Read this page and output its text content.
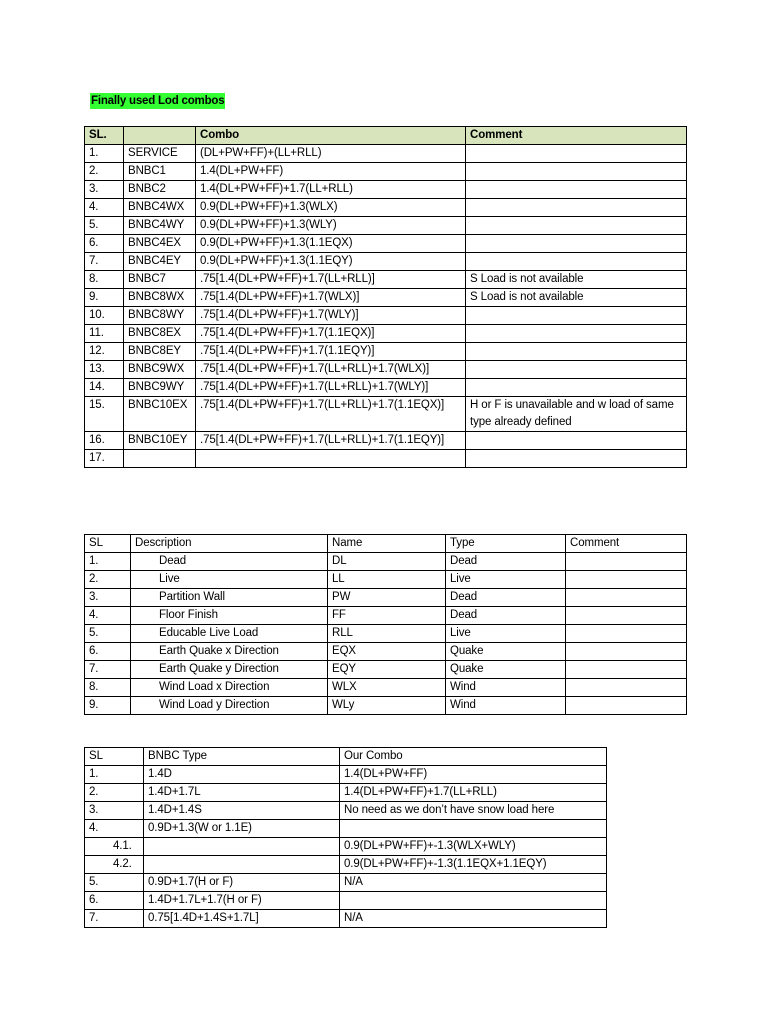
Finally used Lod combos
SL.		Combo	Comment
1.	SERVICE	(DL+PW+FF)+(LL+RLL)	
2.	BNBC1	1.4(DL+PW+FF)	
3.	BNBC2	1.4(DL+PW+FF)+1.7(LL+RLL)	
4.	BNBC4WX	0.9(DL+PW+FF)+1.3(WLX)	
5.	BNBC4WY	0.9(DL+PW+FF)+1.3(WLY)	
6.	BNBC4EX	0.9(DL+PW+FF)+1.3(1.1EQX)	
7.	BNBC4EY	0.9(DL+PW+FF)+1.3(1.1EQY)	
8.	BNBC7	.75[1.4(DL+PW+FF)+1.7(LL+RLL)]	S Load is not available
9.	BNBC8WX	.75[1.4(DL+PW+FF)+1.7(WLX)]	S Load is not available
10.	BNBC8WY	.75[1.4(DL+PW+FF)+1.7(WLY)]	
11.	BNBC8EX	.75[1.4(DL+PW+FF)+1.7(1.1EQX)]	
12.	BNBC8EY	.75[1.4(DL+PW+FF)+1.7(1.1EQY)]	
13.	BNBC9WX	.75[1.4(DL+PW+FF)+1.7(LL+RLL)+1.7(WLX)]	
14.	BNBC9WY	.75[1.4(DL+PW+FF)+1.7(LL+RLL)+1.7(WLY)]	
15.	BNBC10EX	.75[1.4(DL+PW+FF)+1.7(LL+RLL)+1.7(1.1EQX)]	H or F is unavailable and w load of same type already defined
16.	BNBC10EY	.75[1.4(DL+PW+FF)+1.7(LL+RLL)+1.7(1.1EQY)]	
17.			
SL	Description	Name	Type	Comment
1.	Dead	DL	Dead	
2.	Live	LL	Live	
3.	Partition Wall	PW	Dead	
4.	Floor Finish	FF	Dead	
5.	Educable Live Load	RLL	Live	
6.	Earth Quake x Direction	EQX	Quake	
7.	Earth Quake y Direction	EQY	Quake	
8.	Wind Load x Direction	WLX	Wind	
9.	Wind Load y Direction	WLy	Wind	
SL	BNBC Type	Our Combo
1.	1.4D	1.4(DL+PW+FF)
2.	1.4D+1.7L	1.4(DL+PW+FF)+1.7(LL+RLL)
3.	1.4D+1.4S	No need as we don’t have snow load here
4.	0.9D+1.3(W or 1.1E)	
4.1.		0.9(DL+PW+FF)+-1.3(WLX+WLY)
4.2.		0.9(DL+PW+FF)+-1.3(1.1EQX+1.1EQY)
5.	0.9D+1.7(H or F)	N/A
6.	1.4D+1.7L+1.7(H or F)	
7.	0.75[1.4D+1.4S+1.7L]	N/A
